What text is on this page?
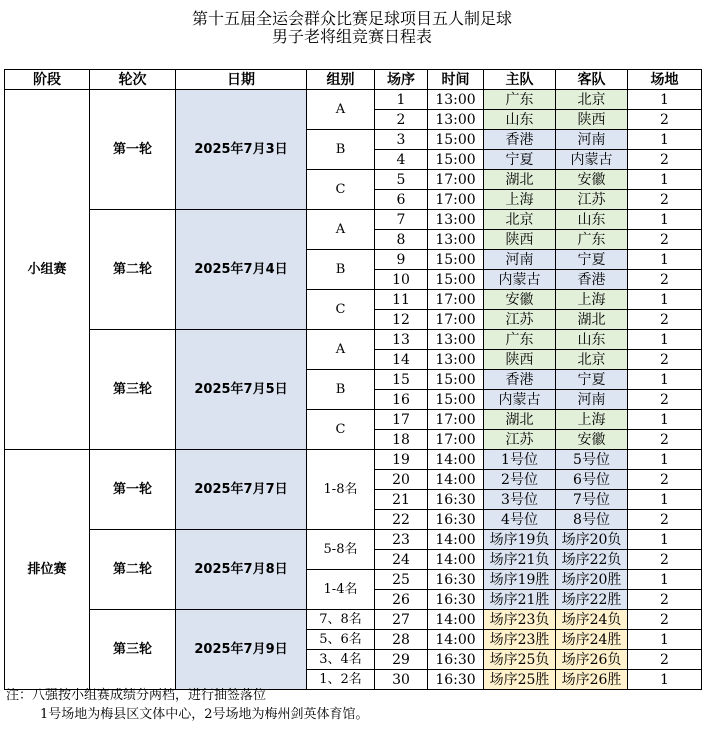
第十五届全运会群众比赛足球项目五人制足球
男子老将组竞赛日程表
阶段	轮次	日期	组别	场序	时间	主队	客队	场地
小组赛	第一轮	2025年7月3日	A	1	13:00	广东	北京	1
				2	13:00	山东	陕西	2
			B	3	15:00	香港	河南	1
				4	15:00	宁夏	内蒙古	2
			C	5	17:00	湖北	安徽	1
				6	17:00	上海	江苏	2
	第二轮	2025年7月4日	A	7	13:00	北京	山东	1
				8	13:00	陕西	广东	2
			B	9	15:00	河南	宁夏	1
				10	15:00	内蒙古	香港	2
			C	11	17:00	安徽	上海	1
				12	17:00	江苏	湖北	2
	第三轮	2025年7月5日	A	13	13:00	广东	山东	1
				14	13:00	陕西	北京	2
			B	15	15:00	香港	宁夏	1
				16	15:00	内蒙古	河南	2
			C	17	17:00	湖北	上海	1
				18	17:00	江苏	安徽	2
排位赛	第一轮	2025年7月7日	1-8名	19	14:00	1号位	5号位	1
				20	14:00	2号位	6号位	2
				21	16:30	3号位	7号位	1
				22	16:30	4号位	8号位	2
	第二轮	2025年7月8日	5-8名	23	14:00	场序19负	场序20负	1
				24	14:00	场序21负	场序22负	2
			1-4名	25	16:30	场序19胜	场序20胜	1
				26	16:30	场序21胜	场序22胜	2
	第三轮	2025年7月9日	7、8名	27	14:00	场序23负	场序24负	2
			5、6名	28	14:00	场序23胜	场序24胜	1
			3、4名	29	16:30	场序25负	场序26负	2
			1、2名	30	16:30	场序25胜	场序26胜	1
注：八强按小组赛成绩分两档，进行抽签落位
1号场地为梅县区文体中心，2号场地为梅州剑英体育馆。
